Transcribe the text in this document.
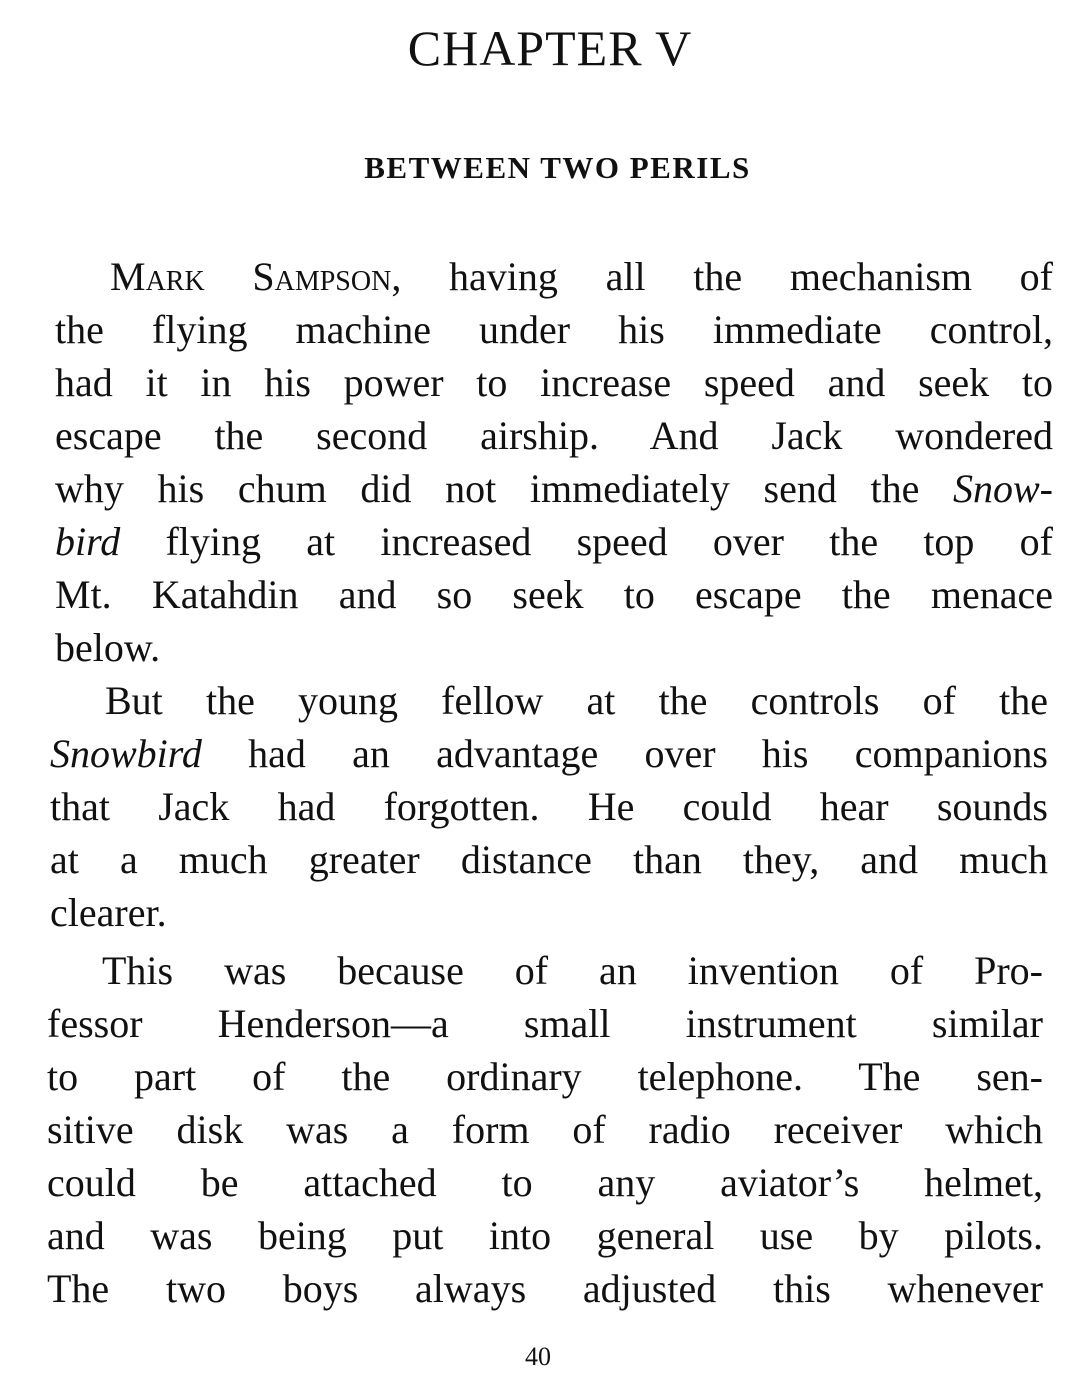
CHAPTER V
BETWEEN TWO PERILS
Mark Sampson, having all the mechanism of
the flying machine under his immediate control,
had it in his power to increase speed and seek to
escape the second airship. And Jack wondered
why his chum did not immediately send the Snow-
bird flying at increased speed over the top of
Mt. Katahdin and so seek to escape the menace
below.
But the young fellow at the controls of the
Snowbird had an advantage over his companions
that Jack had forgotten. He could hear sounds
at a much greater distance than they, and much
clearer.
This was because of an invention of Pro-
fessor Henderson—a small instrument similar
to part of the ordinary telephone. The sen-
sitive disk was a form of radio receiver which
could be attached to any aviator’s helmet,
and was being put into general use by pilots.
The two boys always adjusted this whenever
40
